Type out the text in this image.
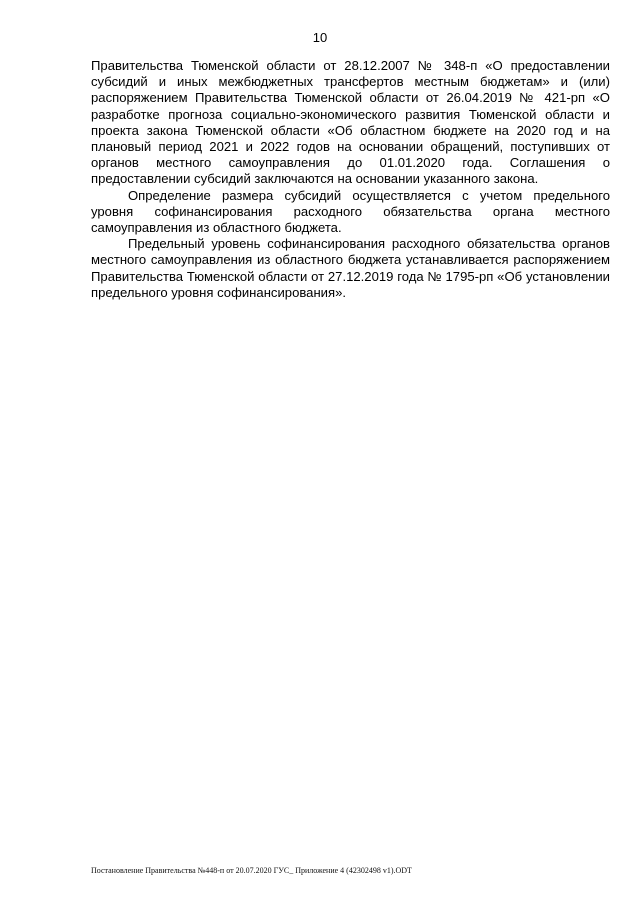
10

Правительства Тюменской области от 28.12.2007 № 348-п «О предоставлении субсидий и иных межбюджетных трансфертов местным бюджетам» и (или) распоряжением Правительства Тюменской области от 26.04.2019 № 421-рп «О разработке прогноза социально-экономического развития Тюменской области и проекта закона Тюменской области «Об областном бюджете на 2020 год и на плановый период 2021 и 2022 годов на основании обращений, поступивших от органов местного самоуправления до 01.01.2020 года. Соглашения о предоставлении субсидий заключаются на основании указанного закона.

Определение размера субсидий осуществляется с учетом предельного уровня софинансирования расходного обязательства органа местного самоуправления из областного бюджета.

Предельный уровень софинансирования расходного обязательства органов местного самоуправления из областного бюджета устанавливается распоряжением Правительства Тюменской области от 27.12.2019 года № 1795-рп «Об установлении предельного уровня софинансирования».

Постановление Правительства №448-п от 20.07.2020 ГУС_ Приложение 4 (42302498 v1).ODT
